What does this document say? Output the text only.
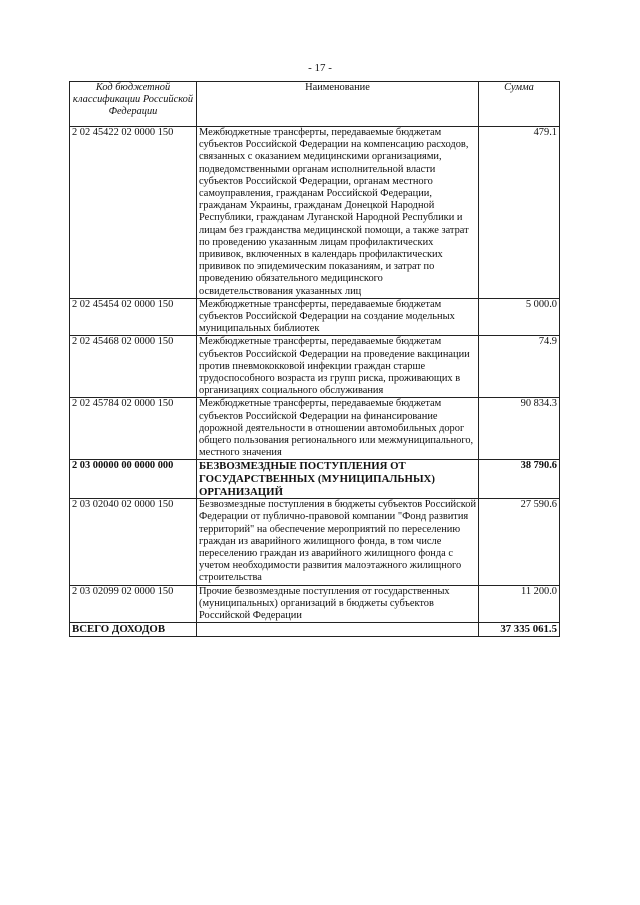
- 17 -
Код бюджетной классификации Российской Федерации	Наименование	Сумма
2 02 45422 02 0000 150	Межбюджетные трансферты, передаваемые бюджетам субъектов Российской Федерации на компенсацию расходов, связанных с оказанием медицинскими организациями, подведомственными органам исполнительной власти субъектов Российской Федерации, органам местного самоуправления, гражданам Российской Федерации, гражданам Украины, гражданам Донецкой Народной Республики, гражданам Луганской Народной Республики и лицам без гражданства медицинской помощи, а также затрат по проведению указанным лицам профилактических прививок, включенных в календарь профилактических прививок по эпидемическим показаниям, и затрат по проведению обязательного медицинского освидетельствования указанных лиц	479.1
2 02 45454 02 0000 150	Межбюджетные трансферты, передаваемые бюджетам субъектов Российской Федерации на создание модельных муниципальных библиотек	5 000.0
2 02 45468 02 0000 150	Межбюджетные трансферты, передаваемые бюджетам субъектов Российской Федерации на проведение вакцинации против пневмококковой инфекции граждан старше трудоспособного возраста из групп риска, проживающих в организациях социального обслуживания	74.9
2 02 45784 02 0000 150	Межбюджетные трансферты, передаваемые бюджетам субъектов Российской Федерации на финансирование дорожной деятельности в отношении автомобильных дорог общего пользования регионального или межмуниципального, местного значения	90 834.3
2 03 00000 00 0000 000	БЕЗВОЗМЕЗДНЫЕ ПОСТУПЛЕНИЯ ОТ ГОСУДАРСТВЕННЫХ (МУНИЦИПАЛЬНЫХ) ОРГАНИЗАЦИЙ	38 790.6
2 03 02040 02 0000 150	Безвозмездные поступления в бюджеты субъектов Российской Федерации от публично-правовой компании "Фонд развития территорий" на обеспечение мероприятий по переселению граждан из аварийного жилищного фонда, в том числе переселению граждан из аварийного жилищного фонда с учетом необходимости развития малоэтажного жилищного строительства	27 590.6
2 03 02099 02 0000 150	Прочие безвозмездные поступления от государственных (муниципальных) организаций в бюджеты субъектов Российской Федерации	11 200.0
ВСЕГО ДОХОДОВ		37 335 061.5
